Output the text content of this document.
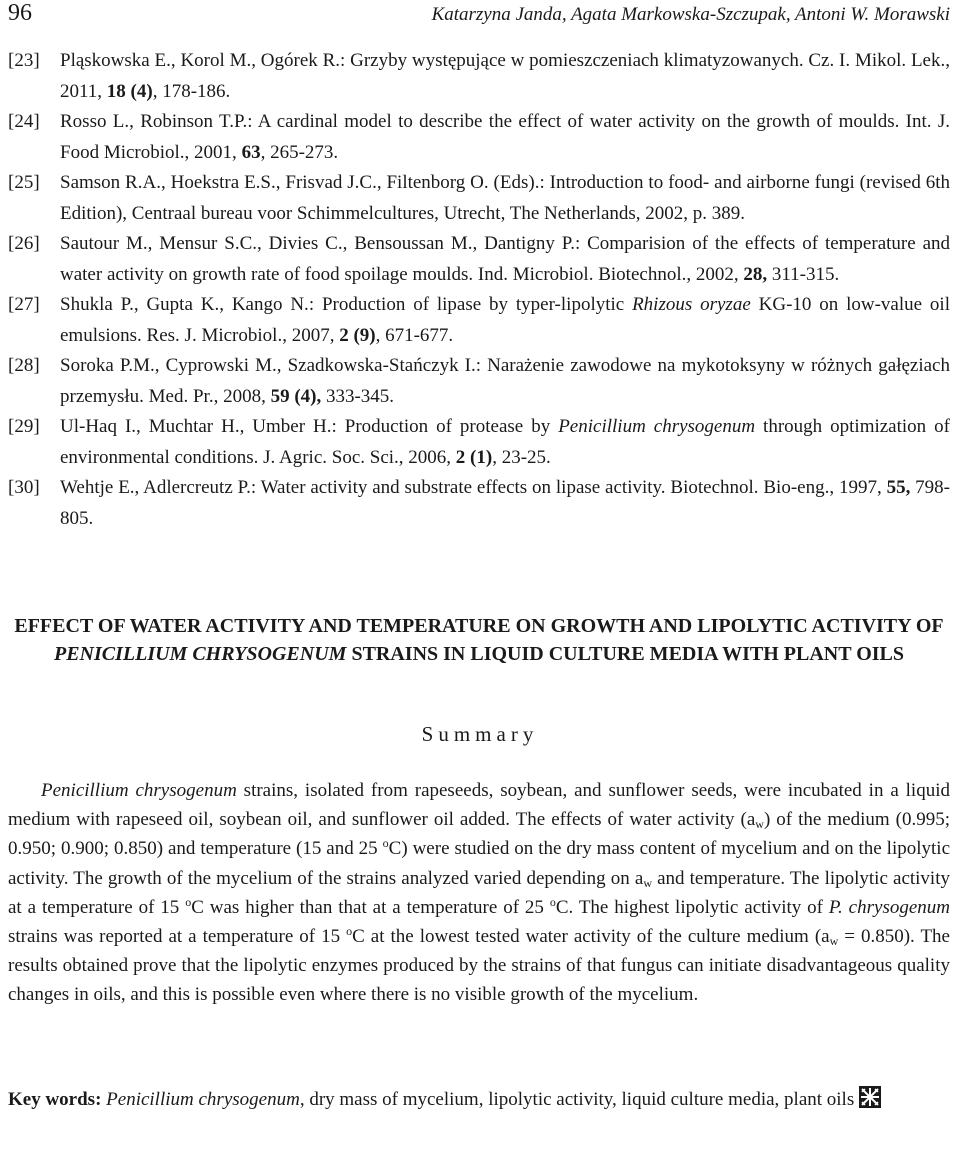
96	Katarzyna Janda, Agata Markowska-Szczupak, Antoni W. Morawski

[23]	Pląskowska E., Korol M., Ogórek R.: Grzyby występujące w pomieszczeniach klimatyzowanych. Cz. I. Mikol. Lek., 2011, 18 (4), 178-186.

[24]	Rosso L., Robinson T.P.: A cardinal model to describe the effect of water activity on the growth of moulds. Int. J. Food Microbiol., 2001, 63, 265-273.

[25]	Samson R.A., Hoekstra E.S., Frisvad J.C., Filtenborg O. (Eds).: Introduction to food- and airborne fungi (revised 6th Edition), Centraal bureau voor Schimmelcultures, Utrecht, The Netherlands, 2002, p. 389.

[26]	Sautour M., Mensur S.C., Divies C., Bensoussan M., Dantigny P.: Comparision of the effects of temperature and water activity on growth rate of food spoilage moulds. Ind. Microbiol. Biotechnol., 2002, 28, 311-315.

[27]	Shukla P., Gupta K., Kango N.: Production of lipase by typer-lipolytic Rhizous oryzae KG-10 on low-value oil emulsions. Res. J. Microbiol., 2007, 2 (9), 671-677.

[28]	Soroka P.M., Cyprowski M., Szadkowska-Stańczyk I.: Narażenie zawodowe na mykotoksyny w różnych gałęziach przemysłu. Med. Pr., 2008, 59 (4), 333-345.

[29]	Ul-Haq I., Muchtar H., Umber H.: Production of protease by Penicillium chrysogenum through optimization of environmental conditions. J. Agric. Soc. Sci., 2006, 2 (1), 23-25.

[30]	Wehtje E., Adlercreutz P.: Water activity and substrate effects on lipase activity. Biotechnol. Bio-eng., 1997, 55, 798-805.

EFFECT OF WATER ACTIVITY AND TEMPERATURE ON GROWTH AND LIPOLYTIC ACTIVITY OF PENICILLIUM CHRYSOGENUM STRAINS IN LIQUID CULTURE MEDIA WITH PLANT OILS
Summary

Penicillium chrysogenum strains, isolated from rapeseeds, soybean, and sunflower seeds, were incubated in a liquid medium with rapeseed oil, soybean oil, and sunflower oil added. The effects of water activity $(a_w)$ of the medium (0.995; 0.950; 0.900; 0.850) and temperature (15 and 25 $^o$C) were studied on the dry mass content of mycelium and on the lipolytic activity. The growth of the mycelium of the strains analyzed varied depending on $a_w$ and temperature. The lipolytic activity at a temperature of 15 $^o$C was higher than that at a temperature of 25 $^o$C. The highest lipolytic activity of P. chrysogenum strains was reported at a temperature of 15 $^o$C at the lowest tested water activity of the culture medium $(a_w = 0.850)$. The results obtained prove that the lipolytic enzymes produced by the strains of that fungus can initiate disadvantageous quality changes in oils, and this is possible even where there is no visible growth of the mycelium.

Key words: Penicillium chrysogenum, dry mass of mycelium, lipolytic activity, liquid culture media, plant oils
